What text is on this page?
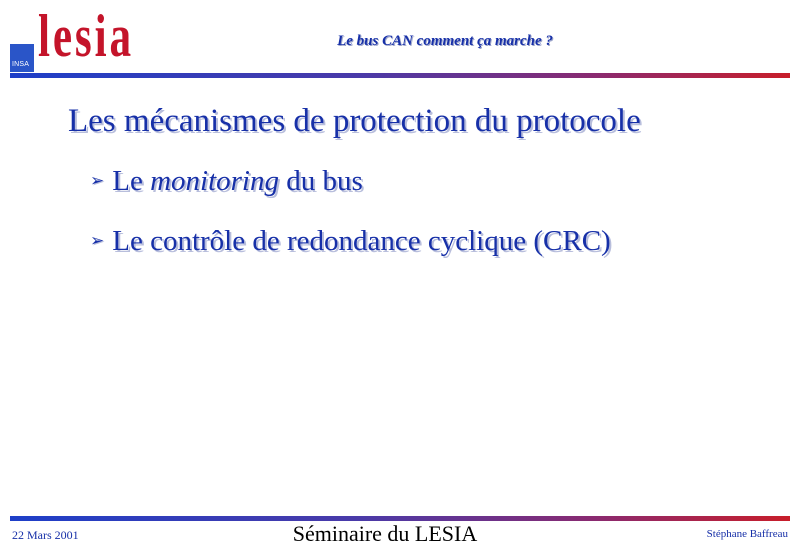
INSA lesia	Le bus CAN comment ça marche ?
Les mécanismes de protection du protocole
➢ Le monitoring du bus
➢ Le contrôle de redondance cyclique (CRC)
22 Mars 2001	Séminaire du LESIA	Stéphane Baffreau
